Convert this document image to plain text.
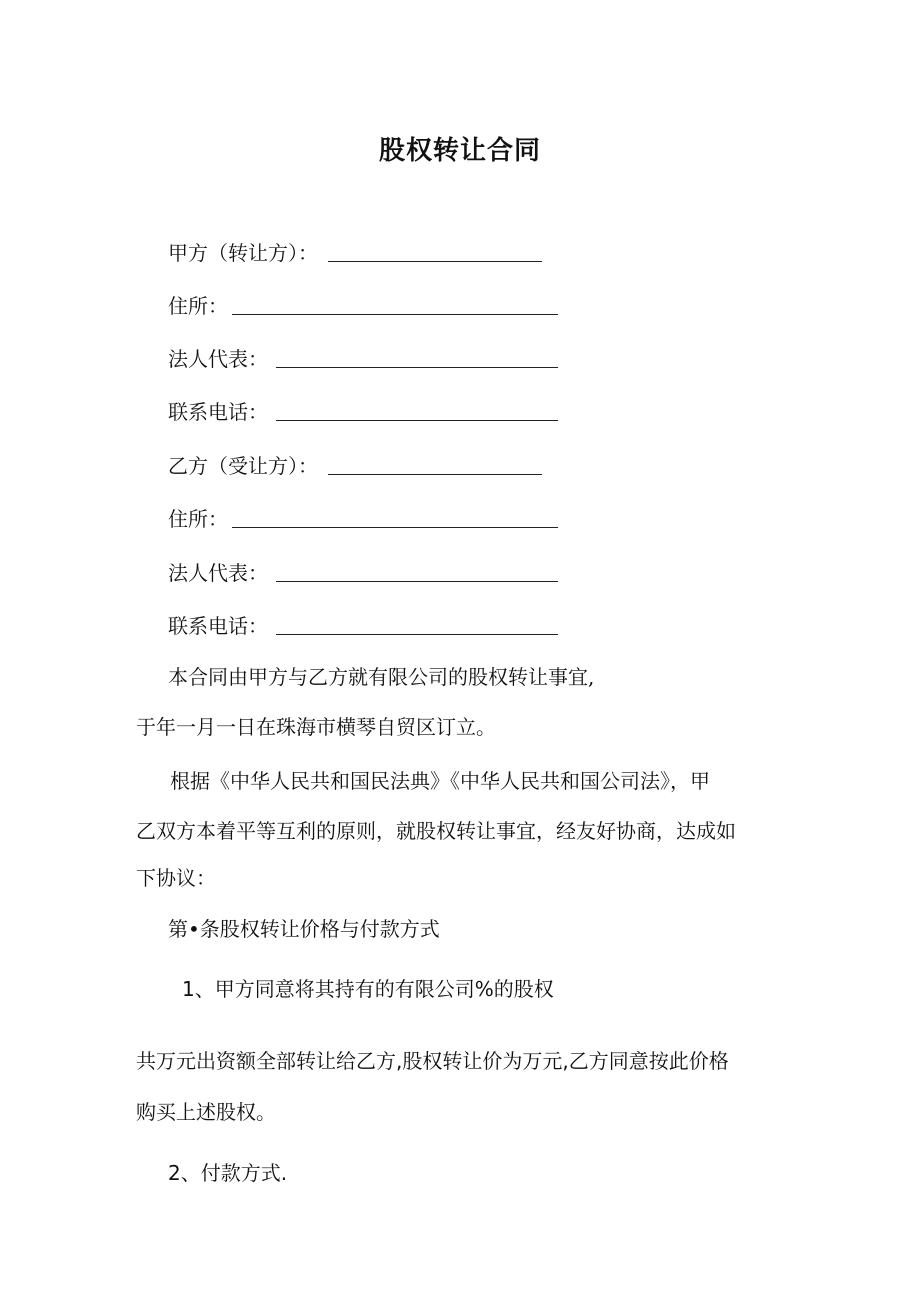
股权转让合同
甲方（转让方）：
住所：
法人代表：
联系电话：
乙方（受让方）：
住所：
法人代表：
联系电话：
本合同由甲方与乙方就有限公司的股权转让事宜,
于年一月一日在珠海市横琴自贸区订立。
根据《中华人民共和国民法典》《中华人民共和国公司法》，甲
乙双方本着平等互利的原则，就股权转让事宜，经友好协商，达成如
下协议：
第•条股权转让价格与付款方式
1、甲方同意将其持有的有限公司%的股权
共万元出资额全部转让给乙方,股权转让价为万元,乙方同意按此价格
购买上述股权。
2、付款方式.
